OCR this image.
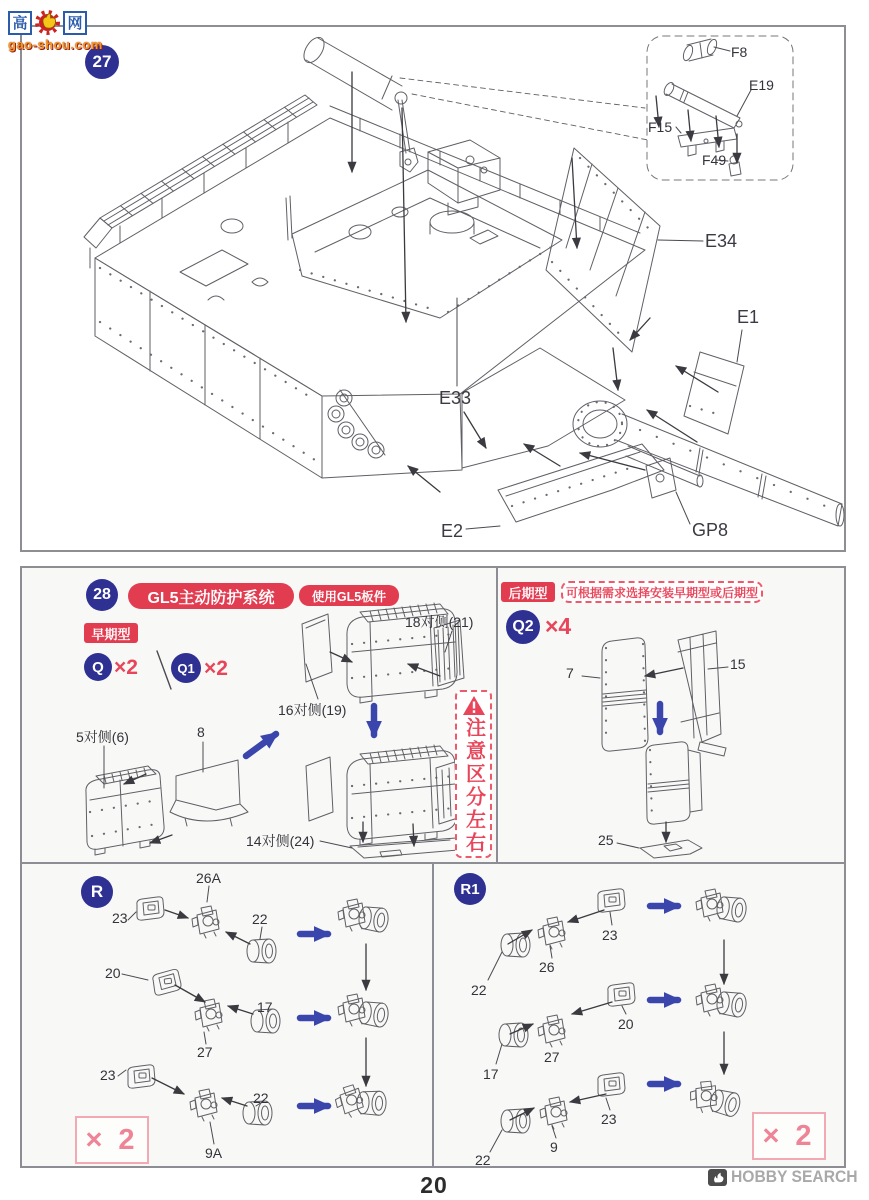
高	网
gao-shou.com
27
E34
E1
E33
E2	GP8
F8
E19
F15
F49
28	GL5主动防护系统	使用GL5板件
早期型
Q ×2	Q1 ×2
18对侧(21)
16对侧(19)
5对侧(6)	8
14对侧(24)	注意区分左右
后期型	可根据需求选择安装早期型或后期型
Q2 ×4
7
15
25
R
23
26A
22
20
27
17
23
9A
22
× 2
R1
22
26
23
17
27
20
22
9
23
× 2
20	HOBBY SEARCH
